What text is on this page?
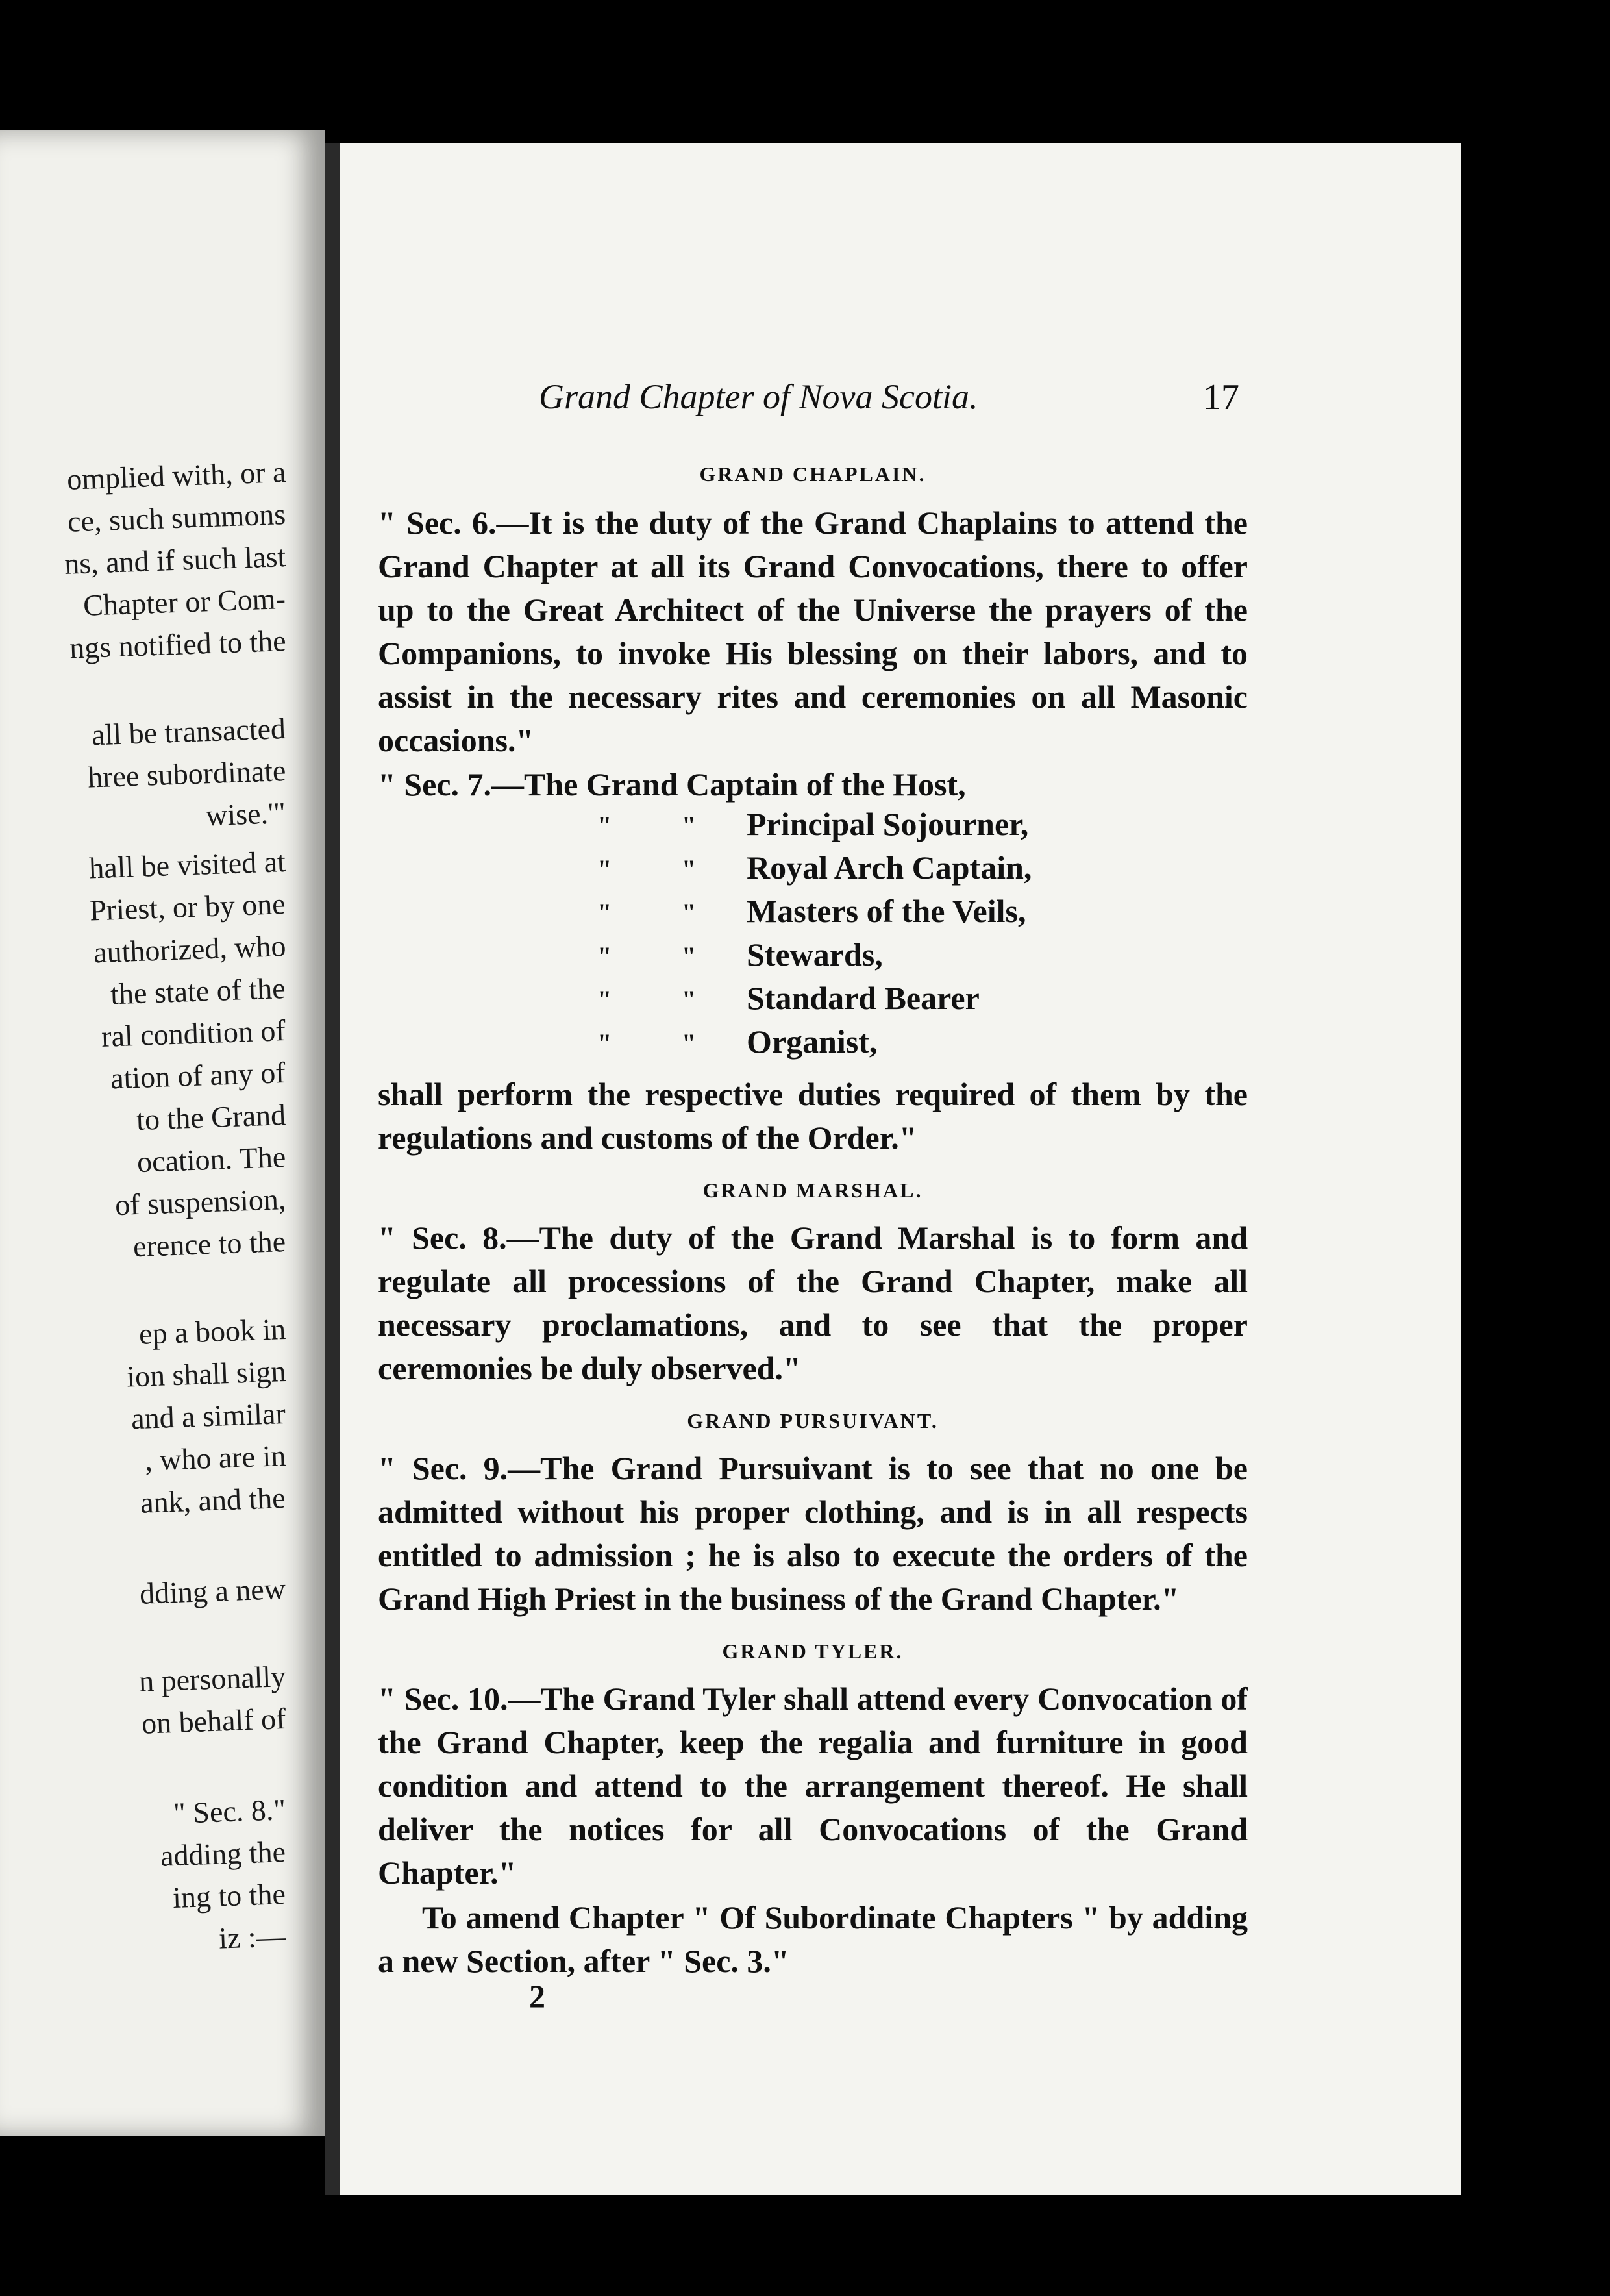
omplied with, or a
ce, such summons
ns, and if such last
Chapter or Com-
ngs notified to the
all be transacted
hree subordinate
wise.'"
hall be visited at
Priest, or by one
authorized, who
the state of the
ral condition of
ation of any of
to the Grand
ocation. The
of suspension,
erence to the
ep a book in
ion shall sign
and a similar
, who are in
ank, and the
dding a new
n personally
on behalf of
" Sec. 8."
adding the
ing to the
iz :—
Grand Chapter of Nova Scotia.	17
GRAND CHAPLAIN.
" Sec. 6.—It is the duty of the Grand Chaplains to attend the Grand Chapter at all its Grand Convocations, there to offer up to the Great Architect of the Universe the prayers of the Companions, to invoke His blessing on their labors, and to assist in the necessary rites and ceremonies on all Masonic occasions."
" Sec. 7.—The Grand Captain of the Host,
"	" Principal Sojourner,
"	" Royal Arch Captain,
"	" Masters of the Veils,
"	" Stewards,
"	" Standard Bearer
"	" Organist,
shall perform the respective duties required of them by the regulations and customs of the Order."
GRAND MARSHAL.
" Sec. 8.—The duty of the Grand Marshal is to form and regulate all processions of the Grand Chapter, make all necessary proclamations, and to see that the proper ceremonies be duly observed."
GRAND PURSUIVANT.
" Sec. 9.—The Grand Pursuivant is to see that no one be admitted without his proper clothing, and is in all respects entitled to admission ; he is also to execute the orders of the Grand High Priest in the business of the Grand Chapter."
GRAND TYLER.
" Sec. 10.—The Grand Tyler shall attend every Convocation of the Grand Chapter, keep the regalia and furniture in good condition and attend to the arrangement thereof. He shall deliver the notices for all Convocations of the Grand Chapter."
To amend Chapter " Of Subordinate Chapters " by adding a new Section, after " Sec. 3."
2
